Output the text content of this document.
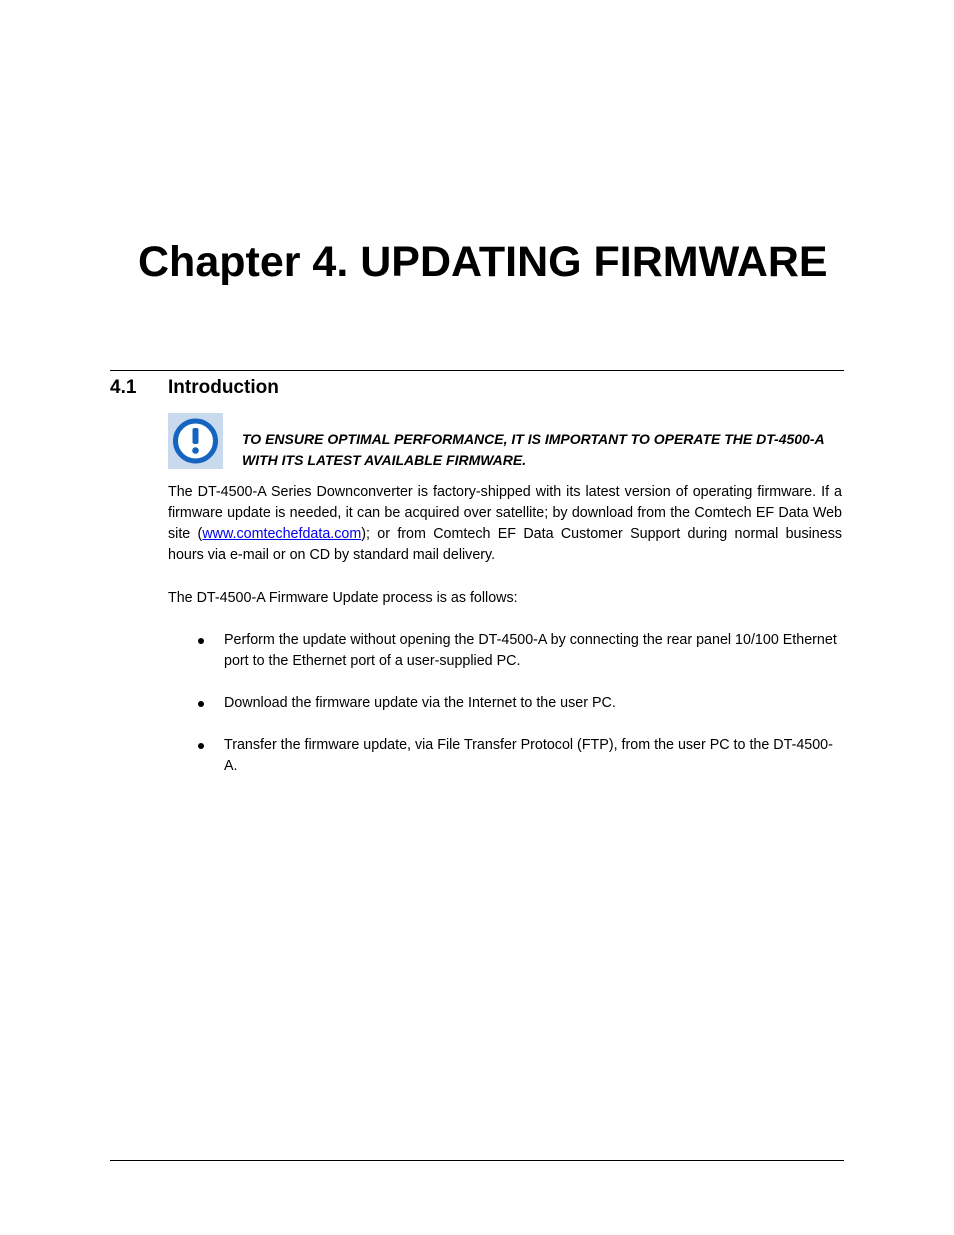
Chapter 4. UPDATING FIRMWARE
4.1 Introduction

TO ENSURE OPTIMAL PERFORMANCE, IT IS IMPORTANT TO OPERATE THE DT-4500-A WITH ITS LATEST AVAILABLE FIRMWARE.

The DT-4500-A Series Downconverter is factory-shipped with its latest version of operating firmware. If a firmware update is needed, it can be acquired over satellite; by download from the Comtech EF Data Web site (www.comtechefdata.com); or from Comtech EF Data Customer Support during normal business hours via e-mail or on CD by standard mail delivery.

The DT-4500-A Firmware Update process is as follows:

Perform the update without opening the DT-4500-A by connecting the rear panel 10/100 Ethernet port to the Ethernet port of a user-supplied PC.
Download the firmware update via the Internet to the user PC.
Transfer the firmware update, via File Transfer Protocol (FTP), from the user PC to the DT-4500-A.
